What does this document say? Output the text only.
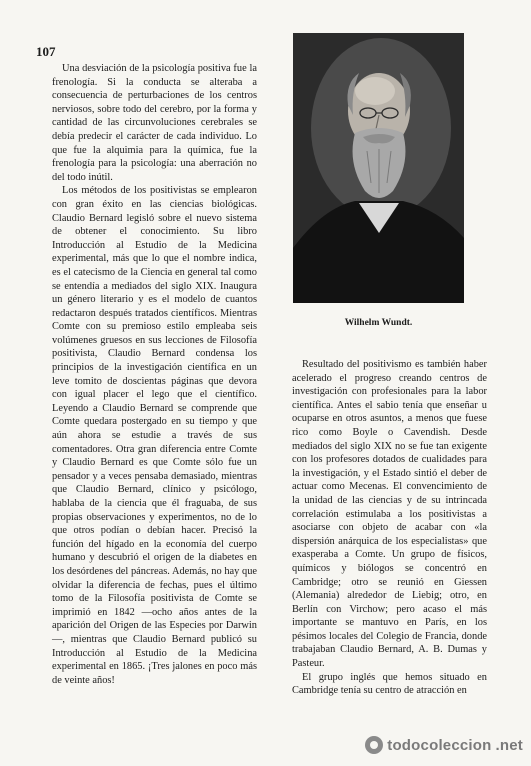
107

Una desviación de la psicología positiva fue la frenología. Si la conducta se alteraba a consecuencia de perturbaciones de los centros nerviosos, sobre todo del cerebro, por la forma y cantidad de las circunvoluciones cerebrales se debía predecir el carácter de cada individuo. Lo que fue la alquimia para la química, fue la frenología para la psicología: una aberración no del todo inútil.

Los métodos de los positivistas se emplearon con gran éxito en las ciencias biológicas. Claudio Bernard legisló sobre el nuevo sistema de obtener el conocimiento. Su libro Introducción al Estudio de la Medicina experimental, más que lo que el nombre indica, es el catecismo de la Ciencia en general tal como se entendía a mediados del siglo XIX. Inaugura un género literario y es el modelo de cuantos redactaron después tratados científicos. Mientras Comte con su premioso estilo empleaba seis volúmenes gruesos en sus lecciones de Filosofía positivista, Claudio Bernard condensa los principios de la investigación científica en un leve tomito de doscientas páginas que devora con igual placer el lego que el científico. Leyendo a Claudio Bernard se comprende que Comte quedara postergado en su tiempo y que aún ahora se estudie a través de sus comentadores. Otra gran diferencia entre Comte y Claudio Bernard es que Comte sólo fue un pensador y a veces pensaba demasiado, mientras que Claudio Bernard, clínico y psicólogo, hablaba de la ciencia que él fraguaba, de sus propias observaciones y experimentos, no de lo que otros podían o debían hacer. Precisó la función del hígado en la economía del cuerpo humano y descubrió el origen de la diabetes en los desórdenes del páncreas. Además, no hay que olvidar la diferencia de fechas, pues el último tomo de la Filosofía positivista de Comte se imprimió en 1842 —ocho años antes de la aparición del Origen de las Especies por Darwin—, mientras que Claudio Bernard publicó su Introducción al Estudio de la Medicina experimental en 1865. ¡Tres jalones en poco más de veinte años!

Wilhelm Wundt.

Resultado del positivismo es también haber acelerado el progreso creando centros de investigación con profesionales para la labor científica. Antes el sabio tenía que enseñar u ocuparse en otros asuntos, a menos que fuese rico como Boyle o Cavendish. Desde mediados del siglo XIX no se fue tan exigente con los profesores dotados de cualidades para la investigación, y el Estado sintió el deber de actuar como Mecenas. El convencimiento de la unidad de las ciencias y de su intrincada correlación estimulaba a los positivistas a asociarse con objeto de acabar con «la dispersión anárquica de los especialistas» que exasperaba a Comte. Un grupo de físicos, químicos y biólogos se concentró en Cambridge; otro se reunió en Giessen (Alemania) alrededor de Liebig; otro, en Berlín con Virchow; pero acaso el más importante se mantuvo en París, en los pésimos locales del Colegio de Francia, donde trabajaban Claudio Bernard, A. B. Dumas y Pasteur.

El grupo inglés que hemos situado en Cambridge tenía su centro de atracción en

todocoleccion .net
